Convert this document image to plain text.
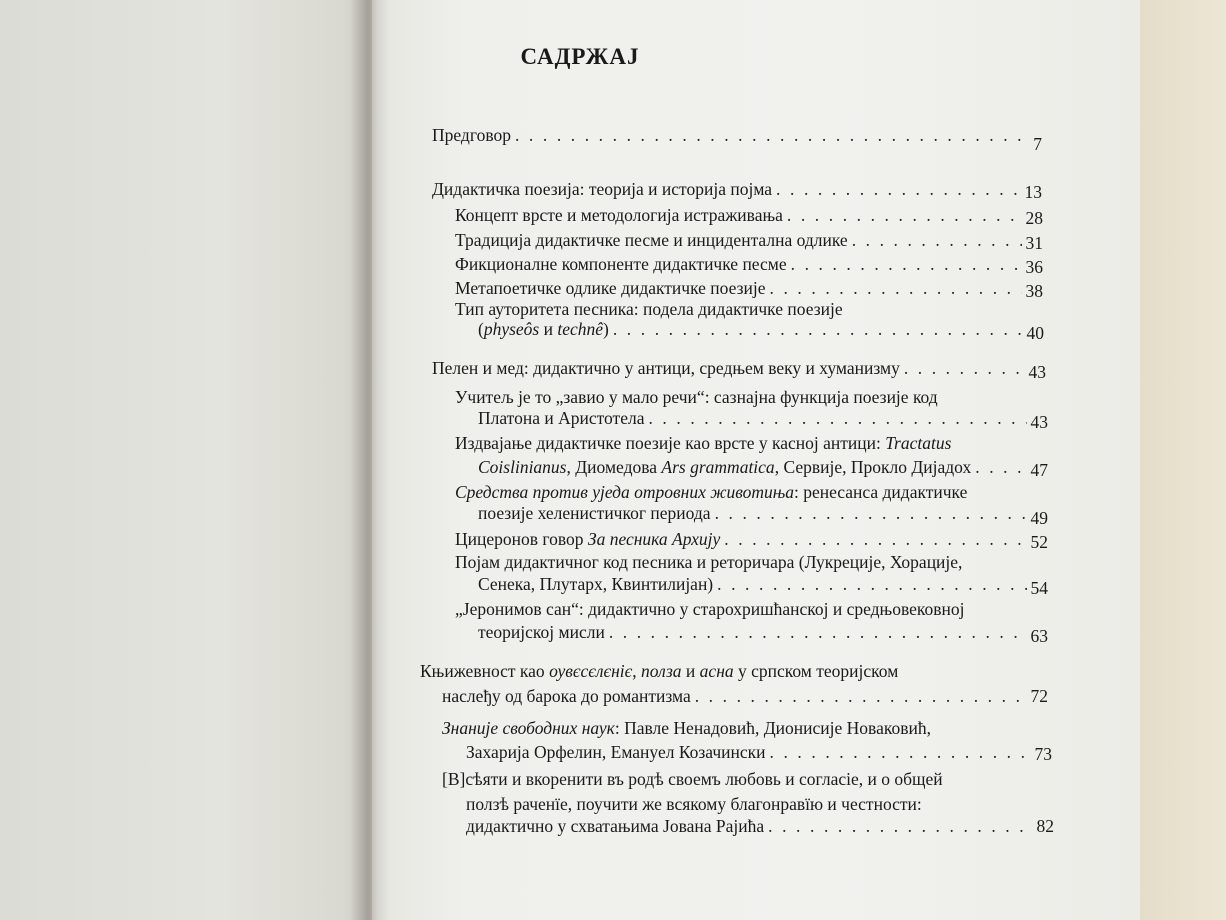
САДРЖАЈ
Предговор . . .	7
Дидактичка поезија: теорија и историја појма . . .	13
Концепт врсте и методологија истраживања . . .	28
Традиција дидактичке песме и инцидентална одлике . . .	31
Фикционалне компоненте дидактичке песме . . .	36
Метапоетичке одлике дидактичке поезије . . .	38
Тип ауторитета песника: подела дидактичке поезије
(physeôs и technê) . . .	40
Пелен и мед: дидактично у антици, средњем веку и хуманизму . . .	43
Учитељ је то „завио у мало речи“: сазнајна функција поезије код
Платона и Аристотела . . .	43
Издвајање дидактичке поезије као врсте у касној антици: Tractatus
Coislinianus, Диомедова Ars grammatica, Сервије, Прокло Дијадох . . .	47
Средства против уједа отровних животиња: ренесанса дидактичке
поезије хеленистичког периода . . .	49
Цицеронов говор За песника Архију . . .	52
Појам дидактичног код песника и реторичара (Лукреције, Хорације,
Сенека, Плутарх, Квинтилијан) . . .	54
„Јеронимов сан“: дидактично у старохришћанској и средњовековној
теоријској мисли . . .	63
Књижевност као оувєсєлєніє, полза и асна у српском теоријском
наслеђу од барока до романтизма . . .	72
Знаније свободних наук: Павле Ненадовић, Дионисије Новаковић,
Захарија Орфелин, Емануел Козачински . . .	73
[В]сѣяти и вкоренити въ родѣ своемъ любовь и согласіе, и о общей
ползѣ раченїе, поучити же всякому благонравїю и честности:
дидактично у схватањима Јована Рајића . . .	82
